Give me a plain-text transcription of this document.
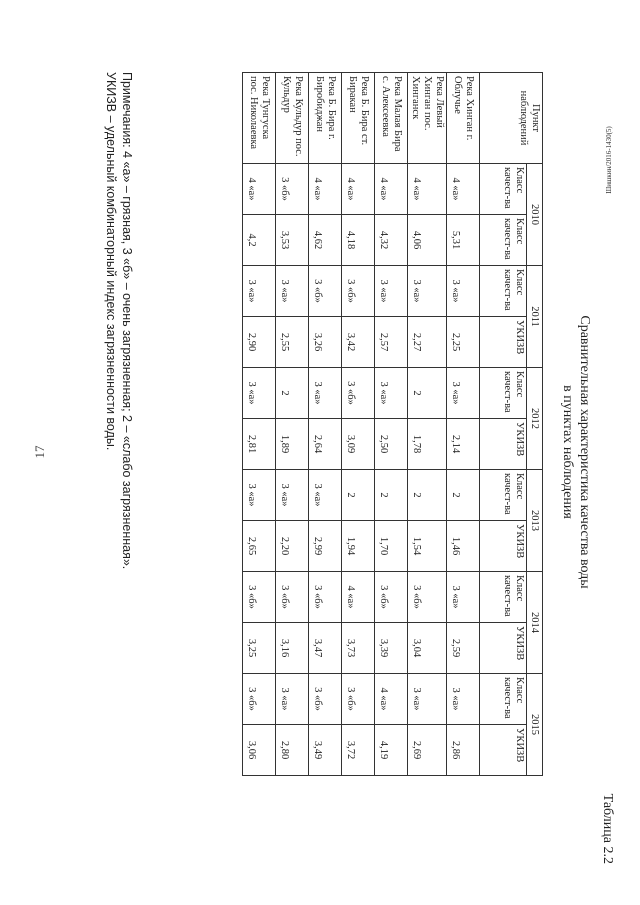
17
Шишкин/2016-1430(5)
Таблица 2.2
Сравнительная характеристика качества воды
в пунктах наблюдения
Пункт наблюдений	2010		2011		2012		2013		2014		2015	
	Класс качест-ва	Класс качест-ва	Класс качест-ва	УКИЗВ	Класс качест-ва	УКИЗВ	Класс качест-ва	УКИЗВ	Класс качест-ва	УКИЗВ	Класс качест-ва	УКИЗВ
Река Хинган г. Облучье	4 «а»	5,31	3 «а»	2,25	3 «а»	2,14	2	1,46	3 «а»	2,59	3 «а»	2,86
Река Левый Хинган пос. Хинганск	4 «а»	4,06	3 «а»	2,27	2	1,78	2	1,54	3 «б»	3,04	3 «а»	2,69
Река Малая Бира с. Алексеевка	4 «а»	4,32	3 «а»	2,57	3 «а»	2,50	2	1,70	3 «б»	3,39	4 «а»	4,19
Река Б. Бира ст. Биракан	4 «а»	4,18	3 «б»	3,42	3 «б»	3,09	2	1,94	4 «а»	3,73	3 «б»	3,72
Река Б. Бира г. Биробиджан	4 «а»	4,62	3 «б»	3,26	3 «а»	2,64	3 «а»	2,99	3 «б»	3,47	3 «б»	3,49
Река Кульдур пос. Кульдур	3 «б»	3,53	3 «а»	2,55	2	1,89	3 «а»	2,20	3 «б»	3,16	3 «а»	2,80
Река Тунгуска пос. Николаевка	4 «а»	4,2	3 «а»	2,90	3 «а»	2,81	3 «а»	2,65	3 «б»	3,25	3 «б»	3,06
Примечания: 4 «а» – грязная, 3 «б» – очень загрязненная; 2 – «слабо загрязненная».
УКИЗВ – удельный комбинаторный индекс загрязненности воды.
